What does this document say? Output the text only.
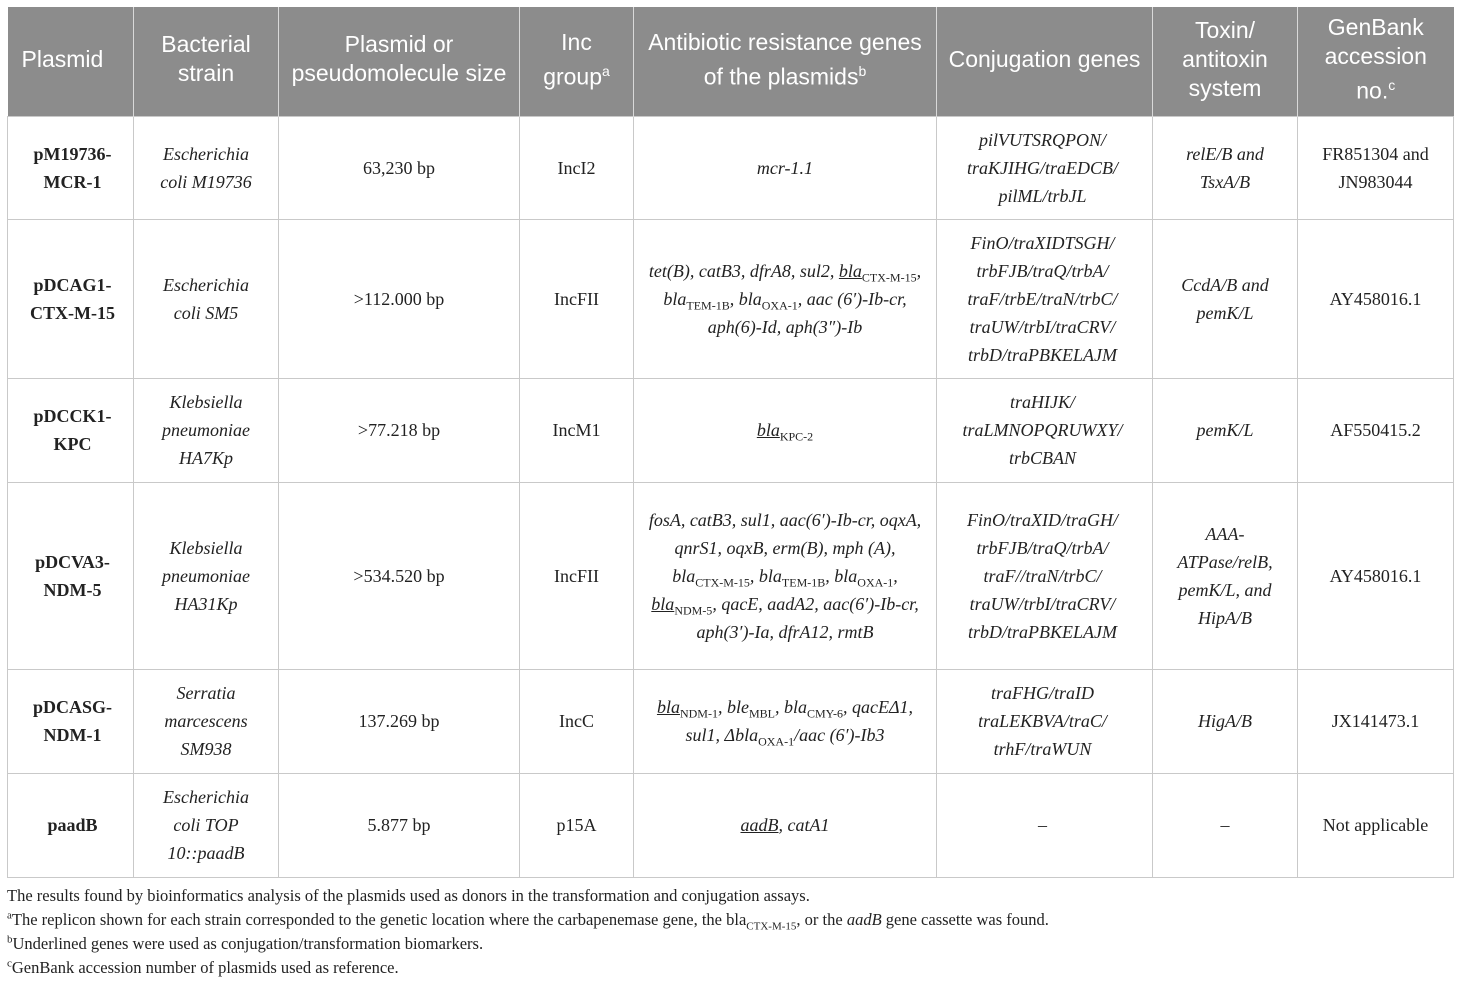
Plasmid	Bacterial strain	Plasmid or pseudomolecule size	Inc group$^a$	Antibiotic resistance genes of the plasmids$^b$	Conjugation genes	Toxin/ antitoxin system	GenBank accession no.$^c$
pM19736-MCR-1	Escherichia coli M19736	63,230 bp	IncI2	mcr-1.1	pilVUTSRQPON/ traKJIHG/traEDCB/ pilML/trbJL	relE/B and TsxA/B	FR851304 and JN983044
pDCAG1-CTX-M-15	Escherichia coli SM5	>112.000 bp	IncFII	tet(B), catB3, dfrA8, sul2, bla$_{CTX-M-15}$, bla$_{TEM-1B}$, bla$_{OXA-1}$, aac (6′)-Ib-cr, aph(6)-Id, aph(3″)-Ib	FinO/traXIDTSGH/ trbFJB/traQ/trbA/ traF/trbE/traN/trbC/ traUW/trbI/traCRV/ trbD/traPBKELAJM	CcdA/B and pemK/L	AY458016.1
pDCCK1-KPC	Klebsiella pneumoniae HA7Kp	>77.218 bp	IncM1	bla$_{KPC-2}$	traHIJK/ traLMNOPQRUWXY/ trbCBAN	pemK/L	AF550415.2
pDCVA3-NDM-5	Klebsiella pneumoniae HA31Kp	>534.520 bp	IncFII	fosA, catB3, sul1, aac(6′)-Ib-cr, oqxA, qnrS1, oqxB, erm(B), mph (A), bla$_{CTX-M-15}$, bla$_{TEM-1B}$, bla$_{OXA-1}$, bla$_{NDM-5}$, qacE, aadA2, aac(6′)-Ib-cr, aph(3′)-Ia, dfrA12, rmtB	FinO/traXID/traGH/ trbFJB/traQ/trbA/ traF//traN/trbC/ traUW/trbI/traCRV/ trbD/traPBKELAJM	AAA-ATPase/relB, pemK/L, and HipA/B	AY458016.1
pDCASG-NDM-1	Serratia marcescens SM938	137.269 bp	IncC	bla$_{NDM-1}$, ble$_{MBL}$, bla$_{CMY-6}$, qacEΔ1, sul1, Δbla$_{OXA-1}$/aac (6′)-Ib3	traFHG/traID traLEKBVA/traC/ trhF/traWUN	HigA/B	JX141473.1
paadB	Escherichia coli TOP 10::paadB	5.877 bp	p15A	aadB, catA1	–	–	Not applicable
The results found by bioinformatics analysis of the plasmids used as donors in the transformation and conjugation assays.
$^a$The replicon shown for each strain corresponded to the genetic location where the carbapenemase gene, the bla$_{CTX-M-15}$, or the aadB gene cassette was found.
$^b$Underlined genes were used as conjugation/transformation biomarkers.
$^c$GenBank accession number of plasmids used as reference.
